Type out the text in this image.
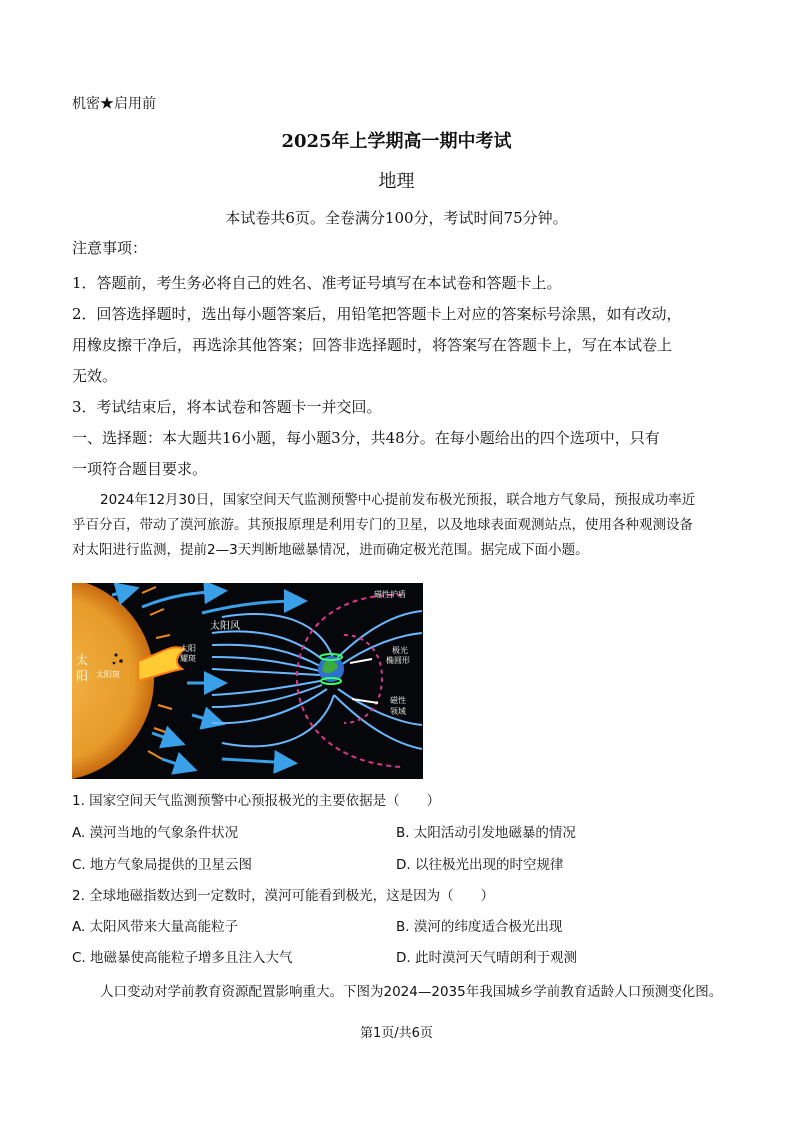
机密★启用前
2025年上学期高一期中考试
地理
本试卷共6页。全卷满分100分，考试时间75分钟。
注意事项：
1．答题前，考生务必将自己的姓名、准考证号填写在本试卷和答题卡上。
2．回答选择题时，选出每小题答案后，用铅笔把答题卡上对应的答案标号涂黑，如有改动，
用橡皮擦干净后，再选涂其他答案；回答非选择题时，将答案写在答题卡上，写在本试卷上
无效。
3．考试结束后，将本试卷和答题卡一并交回。
一、选择题：本大题共16小题，每小题3分，共48分。在每小题给出的四个选项中，只有
一项符合题目要求。
2024年12月30日，国家空间天气监测预警中心提前发布极光预报，联合地方气象局，预报成功率近
乎百分百，带动了漠河旅游。其预报原理是利用专门的卫星，以及地球表面观测站点，使用各种观测设备
对太阳进行监测，提前2—3天判断地磁暴情况，进而确定极光范围。据完成下面小题。
太
阳 太阳斑
太阳
耀斑
太阳风
磁性护盾
极光
椭圆形
磁性
领域
1. 国家空间天气监测预警中心预报极光的主要依据是（　　）
A. 漠河当地的气象条件状况	B. 太阳活动引发地磁暴的情况
C. 地方气象局提供的卫星云图	D. 以往极光出现的时空规律
2. 全球地磁指数达到一定数时，漠河可能看到极光，这是因为（　　）
A. 太阳风带来大量高能粒子	B. 漠河的纬度适合极光出现
C. 地磁暴使高能粒子增多且注入大气	D. 此时漠河天气晴朗利于观测
人口变动对学前教育资源配置影响重大。下图为2024—2035年我国城乡学前教育适龄人口预测变化图。
第1页/共6页
